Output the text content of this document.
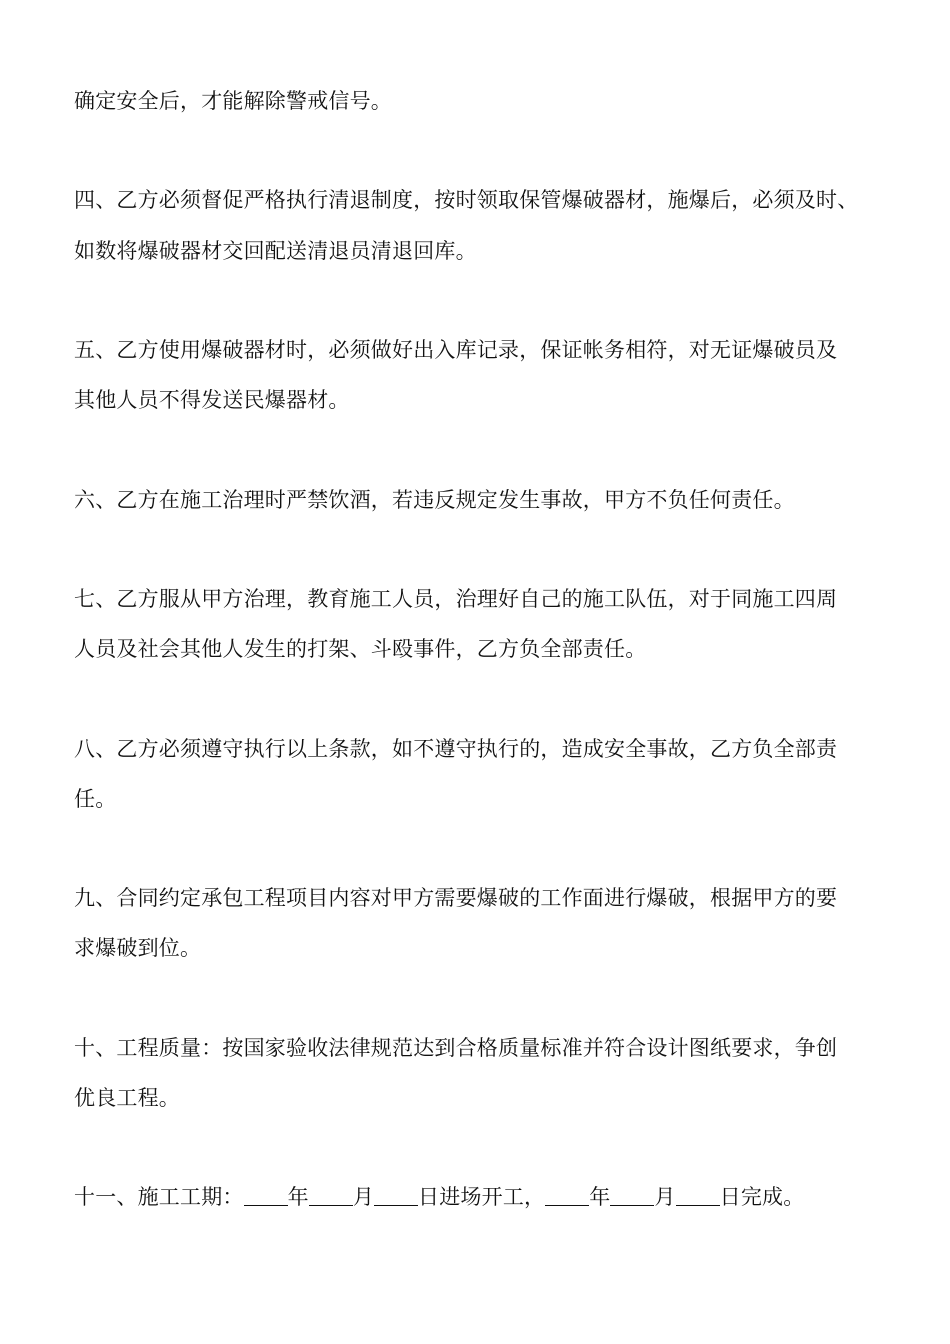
确定安全后，才能解除警戒信号。
四、乙方必须督促严格执行清退制度，按时领取保管爆破器材，施爆后，必须及时、
如数将爆破器材交回配送清退员清退回库。
五、乙方使用爆破器材时，必须做好出入库记录，保证帐务相符，对无证爆破员及
其他人员不得发送民爆器材。
六、乙方在施工治理时严禁饮酒，若违反规定发生事故，甲方不负任何责任。
七、乙方服从甲方治理，教育施工人员，治理好自己的施工队伍，对于同施工四周
人员及社会其他人发生的打架、斗殴事件，乙方负全部责任。
八、乙方必须遵守执行以上条款，如不遵守执行的，造成安全事故，乙方负全部责
任。
九、合同约定承包工程项目内容对甲方需要爆破的工作面进行爆破，根据甲方的要
求爆破到位。
十、工程质量：按国家验收法律规范达到合格质量标准并符合设计图纸要求，争创
优良工程。
十一、施工工期： 年 月 日进场开工， 年 月 日完成。
